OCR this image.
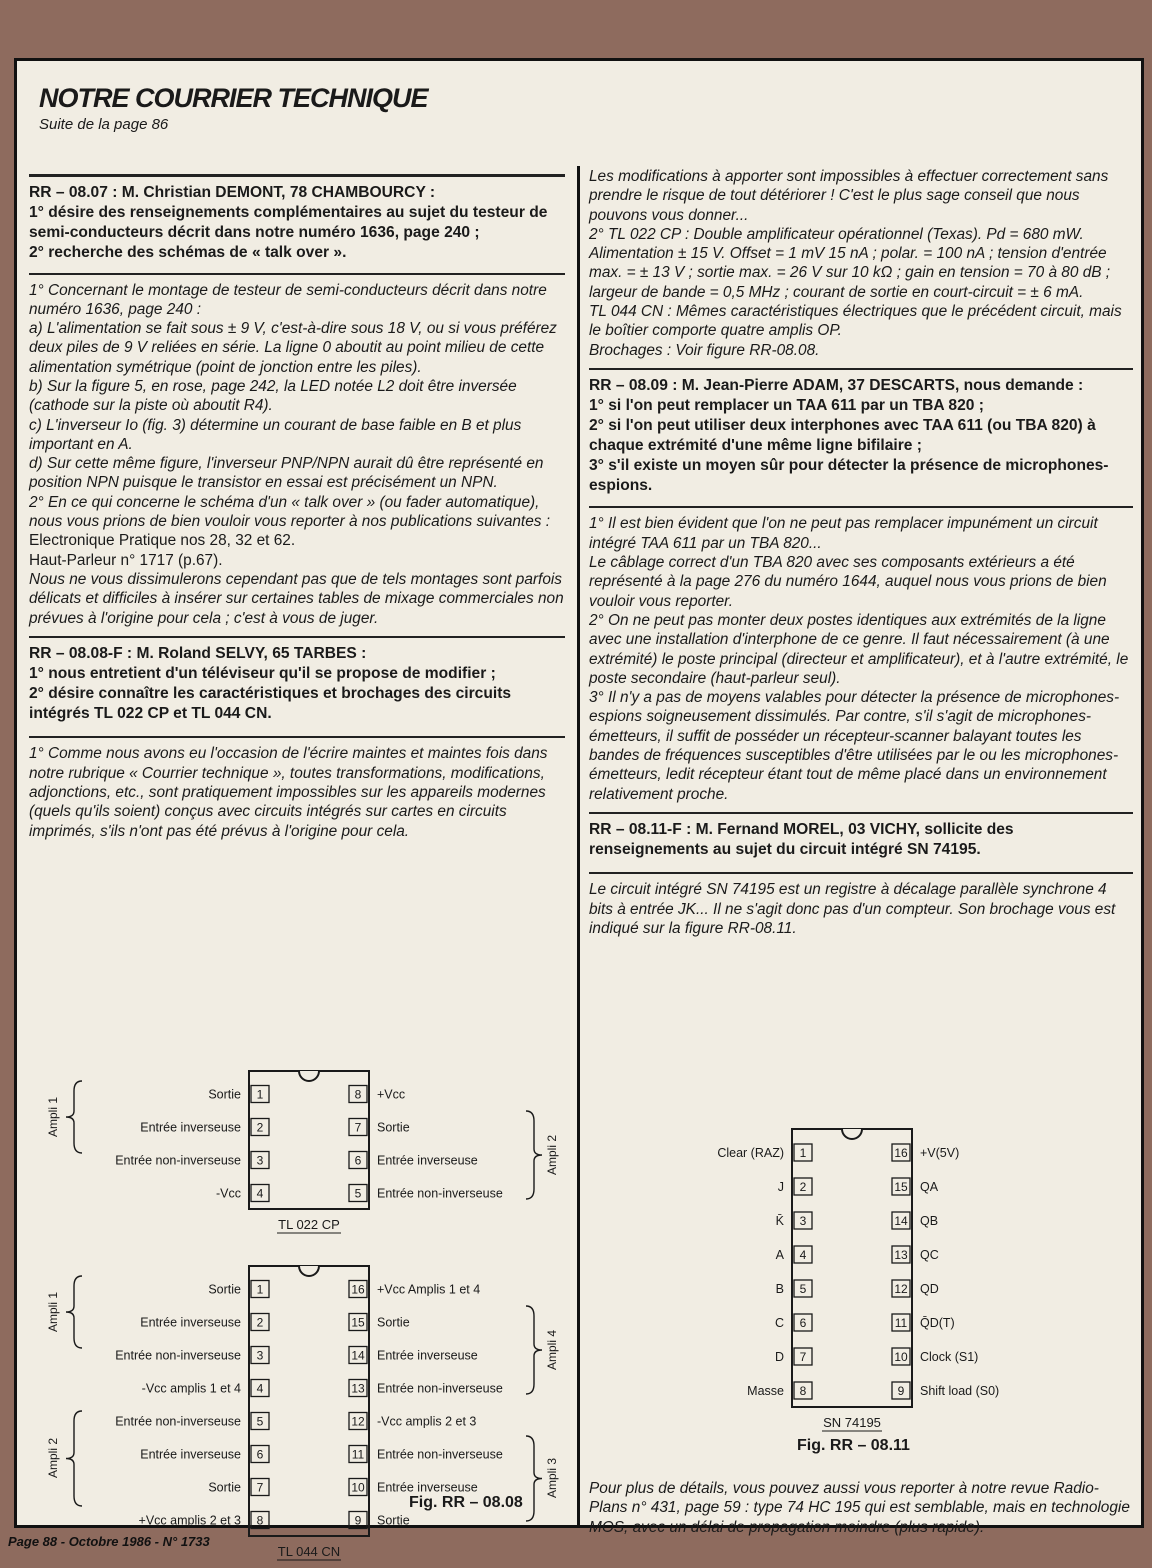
NOTRE COURRIER TECHNIQUE
Suite de la page 86

RR – 08.07 : M. Christian DEMONT, 78 CHAMBOURCY :

1° désire des renseignements complémentaires au sujet du testeur de semi-conducteurs décrit dans notre numéro 1636, page 240 ;

2° recherche des schémas de « talk over ».

1° Concernant le montage de testeur de semi-conducteurs décrit dans notre numéro 1636, page 240 :

a) L'alimentation se fait sous ± 9 V, c'est-à-dire sous 18 V, ou si vous préférez deux piles de 9 V reliées en série. La ligne 0 aboutit au point milieu de cette alimentation symétrique (point de jonction entre les piles).

b) Sur la figure 5, en rose, page 242, la LED notée L2 doit être inversée (cathode sur la piste où aboutit R4).

c) L'inverseur Io (fig. 3) détermine un courant de base faible en B et plus important en A.

d) Sur cette même figure, l'inverseur PNP/NPN aurait dû être représenté en position NPN puisque le transistor en essai est précisément un NPN.

2° En ce qui concerne le schéma d'un « talk over » (ou fader automatique), nous vous prions de bien vouloir vous reporter à nos publications suivantes :

Electronique Pratique nos 28, 32 et 62.

Haut-Parleur n° 1717 (p.67).

Nous ne vous dissimulerons cependant pas que de tels montages sont parfois délicats et difficiles à insérer sur certaines tables de mixage commerciales non prévues à l'origine pour cela ; c'est à vous de juger.

RR – 08.08-F : M. Roland SELVY, 65 TARBES :

1° nous entretient d'un téléviseur qu'il se propose de modifier ;

2° désire connaître les caractéristiques et brochages des circuits intégrés TL 022 CP et TL 044 CN.

1° Comme nous avons eu l'occasion de l'écrire maintes et maintes fois dans notre rubrique « Courrier technique », toutes transformations, modifications, adjonctions, etc., sont pratiquement impossibles sur les appareils modernes (quels qu'ils soient) conçus avec circuits intégrés sur cartes en circuits imprimés, s'ils n'ont pas été prévus à l'origine pour cela.

1
Sortie
2
Entrée inverseuse
3
Entrée non-inverseuse
4
-Vcc
8 +Vcc
7 Sortie
6 Entrée inverseuse
5 Entrée non-inverseuse
TL 022 CP
Ampli 1
Ampli 2
1
Sortie
2
Entrée inverseuse
3
Entrée non-inverseuse
4
-Vcc amplis 1 et 4
5
Entrée non-inverseuse
6
Entrée inverseuse
7
Sortie
8
+Vcc amplis 2 et 3
16 +Vcc Amplis 1 et 4
15 Sortie
14 Entrée inverseuse
13 Entrée non-inverseuse
12 -Vcc amplis 2 et 3
11 Entrée non-inverseuse
10 Entrée inverseuse
9 Sortie
TL 044 CN
Ampli 1
Ampli 2
Ampli 4
Ampli 3

Les modifications à apporter sont impossibles à effectuer correctement sans prendre le risque de tout détériorer ! C'est le plus sage conseil que nous pouvons vous donner...

2° TL 022 CP : Double amplificateur opérationnel (Texas). Pd = 680 mW. Alimentation ± 15 V. Offset = 1 mV 15 nA ; polar. = 100 nA ; tension d'entrée max. = ± 13 V ; sortie max. = 26 V sur 10 kΩ ; gain en tension = 70 à 80 dB ; largeur de bande = 0,5 MHz ; courant de sortie en court-circuit = ± 6 mA.

TL 044 CN : Mêmes caractéristiques électriques que le précédent circuit, mais le boîtier comporte quatre amplis OP.

Brochages : Voir figure RR-08.08.

RR – 08.09 : M. Jean-Pierre ADAM, 37 DESCARTS, nous demande :

1° si l'on peut remplacer un TAA 611 par un TBA 820 ;

2° si l'on peut utiliser deux interphones avec TAA 611 (ou TBA 820) à chaque extrémité d'une même ligne bifilaire ;

3° s'il existe un moyen sûr pour détecter la présence de microphones-espions.

1° Il est bien évident que l'on ne peut pas remplacer impunément un circuit intégré TAA 611 par un TBA 820...

Le câblage correct d'un TBA 820 avec ses composants extérieurs a été représenté à la page 276 du numéro 1644, auquel nous vous prions de bien vouloir vous reporter.

2° On ne peut pas monter deux postes identiques aux extrémités de la ligne avec une installation d'interphone de ce genre. Il faut nécessairement (à une extrémité) le poste principal (directeur et amplificateur), et à l'autre extrémité, le poste secondaire (haut-parleur seul).

3° Il n'y a pas de moyens valables pour détecter la présence de microphones-espions soigneusement dissimulés. Par contre, s'il s'agit de microphones-émetteurs, il suffit de posséder un récepteur-scanner balayant toutes les bandes de fréquences susceptibles d'être utilisées par le ou les microphones-émetteurs, ledit récepteur étant tout de même placé dans un environnement relativement proche.

RR – 08.11-F : M. Fernand MOREL, 03 VICHY, sollicite des renseignements au sujet du circuit intégré SN 74195.

Le circuit intégré SN 74195 est un registre à décalage parallèle synchrone 4 bits à entrée JK... Il ne s'agit donc pas d'un compteur. Son brochage vous est indiqué sur la figure RR-08.11.

1
Clear (RAZ)
2
J
3
K̄
4
A
5
B
6
C
7
D
8
Masse
16 +V(5V)
15 QA
14 QB
13 QC
12 QD
11 Q̄D(T)
10 Clock (S1)
9 Shift load (S0)
SN 74195
Fig. RR – 08.11
Fig. RR – 08.08

Pour plus de détails, vous pouvez aussi vous reporter à notre revue Radio-Plans n° 431, page 59 : type 74 HC 195 qui est semblable, mais en technologie MOS, avec un délai de propagation moindre (plus rapide).

Page 88 - Octobre 1986 - N° 1733
